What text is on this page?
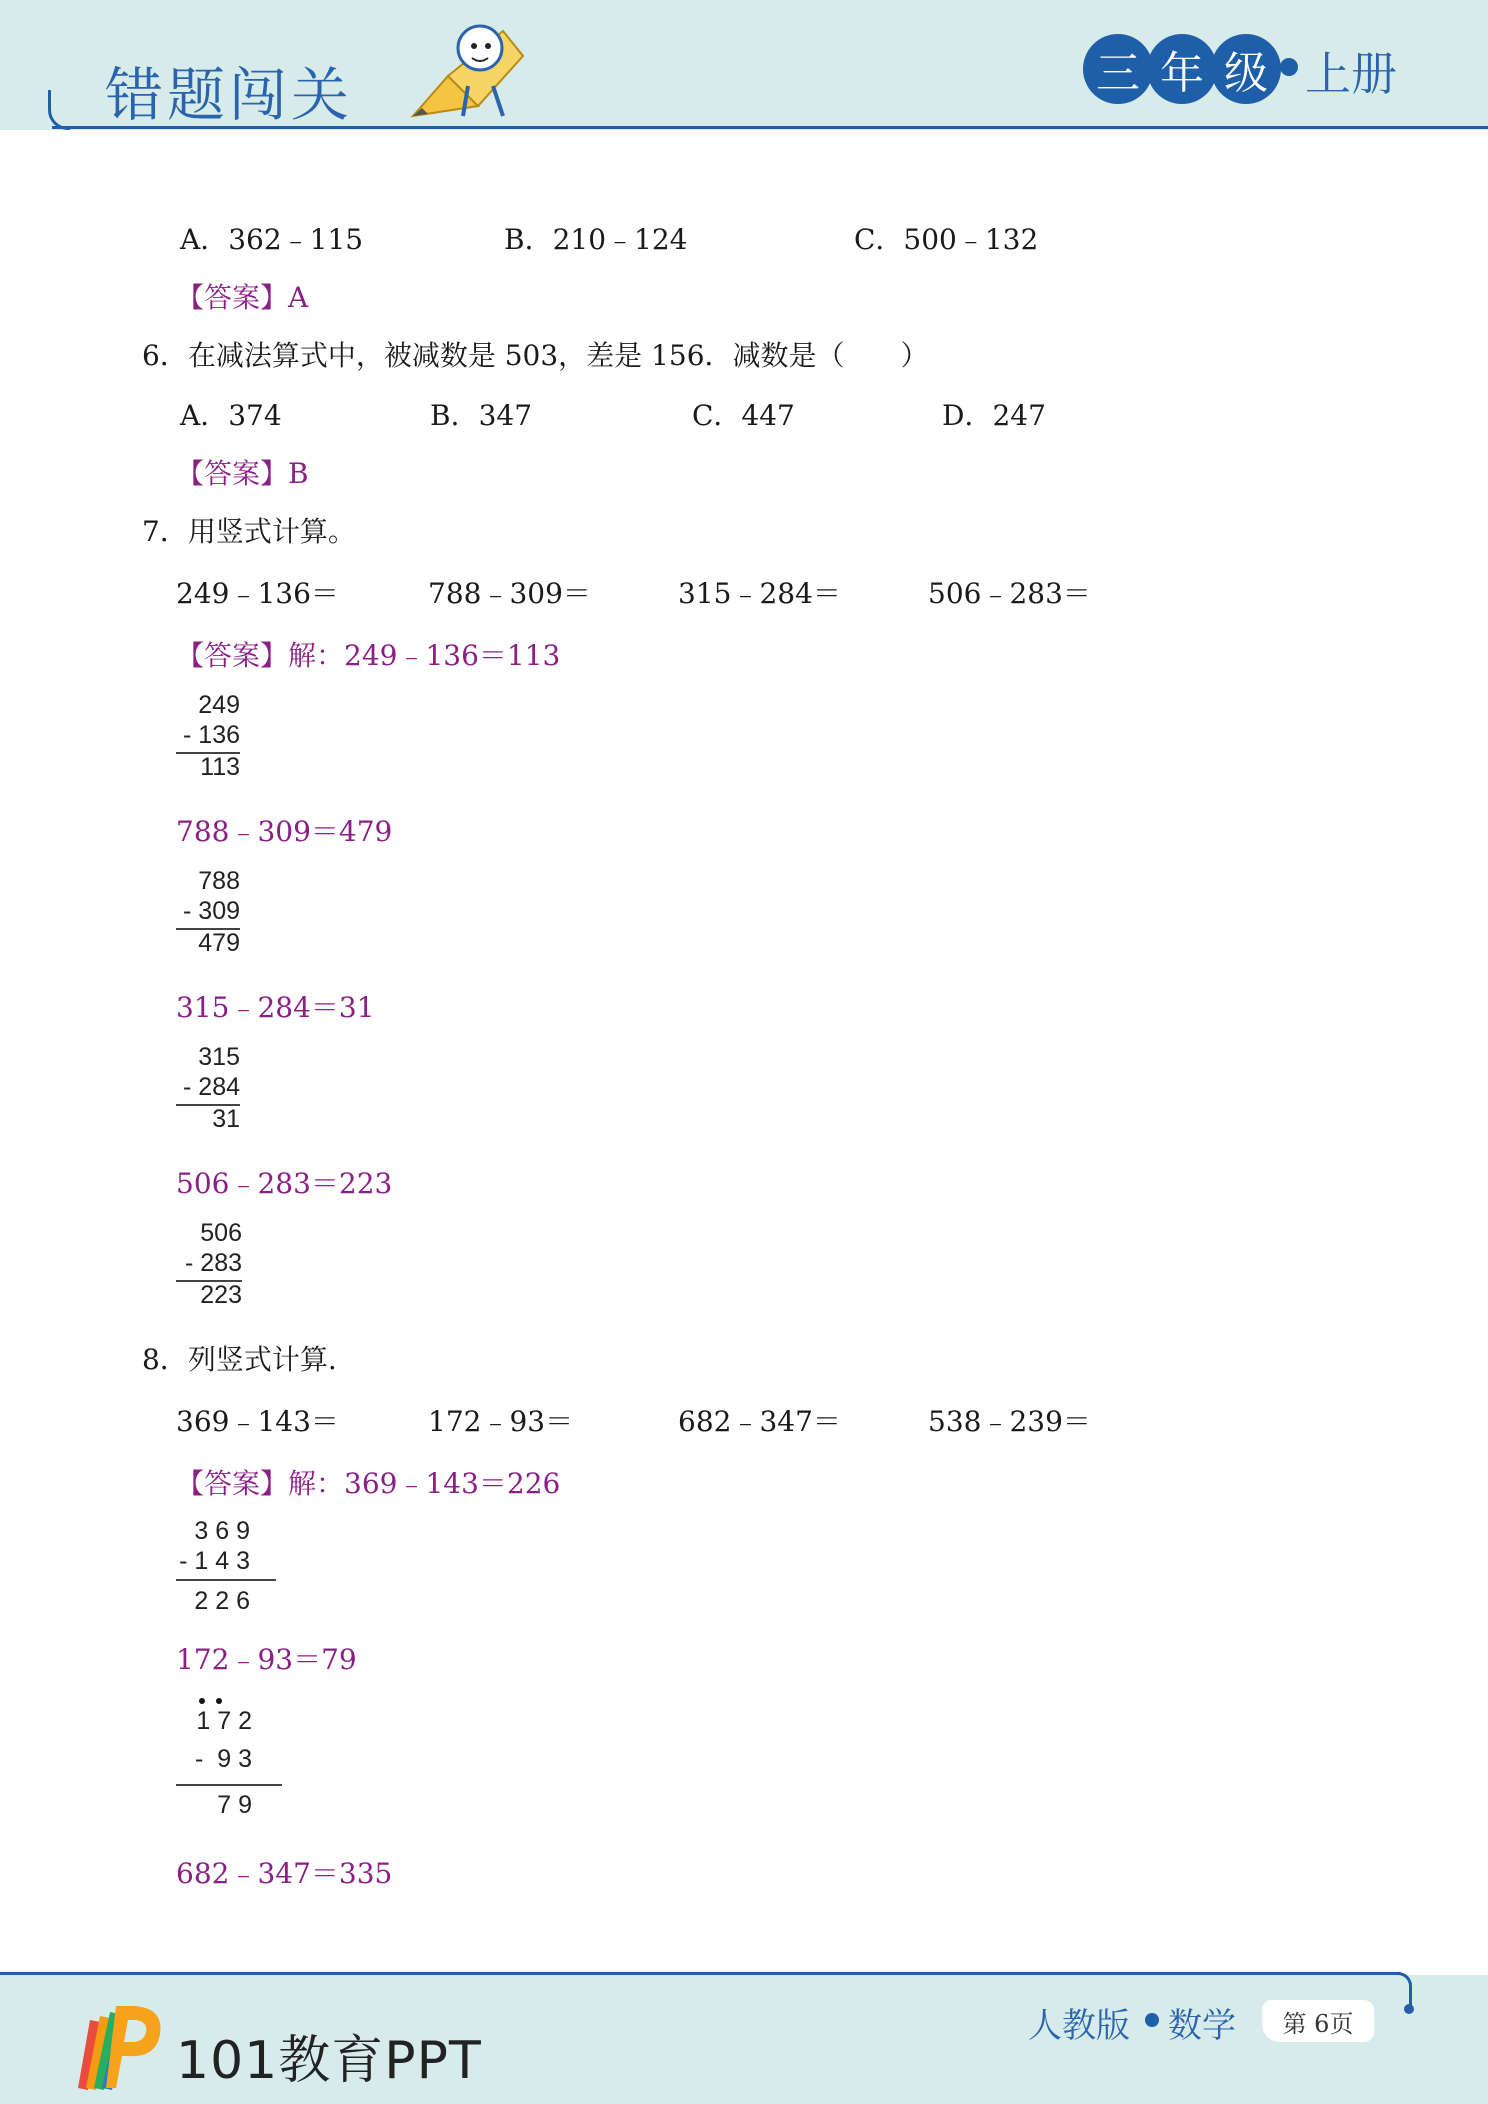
错题闯关	三 年 级 上册
A．362﹣115	B．210﹣124	C．500﹣132
【答案】A
6．在减法算式中，被减数是 503，差是 156．减数是（　　）
A．374	B．347	C．447	D．247
【答案】B
7．用竖式计算。
249﹣136＝	788﹣309＝	315﹣284＝	506﹣283＝
【答案】解：249﹣136＝113
249
- 136
113
788﹣309＝479
788
- 309
479
315﹣284＝31
315
- 284
31
506﹣283＝223
506
- 283
223
8．列竖式计算.
369﹣143＝	172﹣93＝	682﹣347＝	538﹣239＝
【答案】解：369﹣143＝226
3 6 9
- 1 4 3
2 2 6
172﹣93＝79
1 7 2
-  9 3
7 9
682﹣347＝335
101教育PPT
人教版 数学	第 6页
